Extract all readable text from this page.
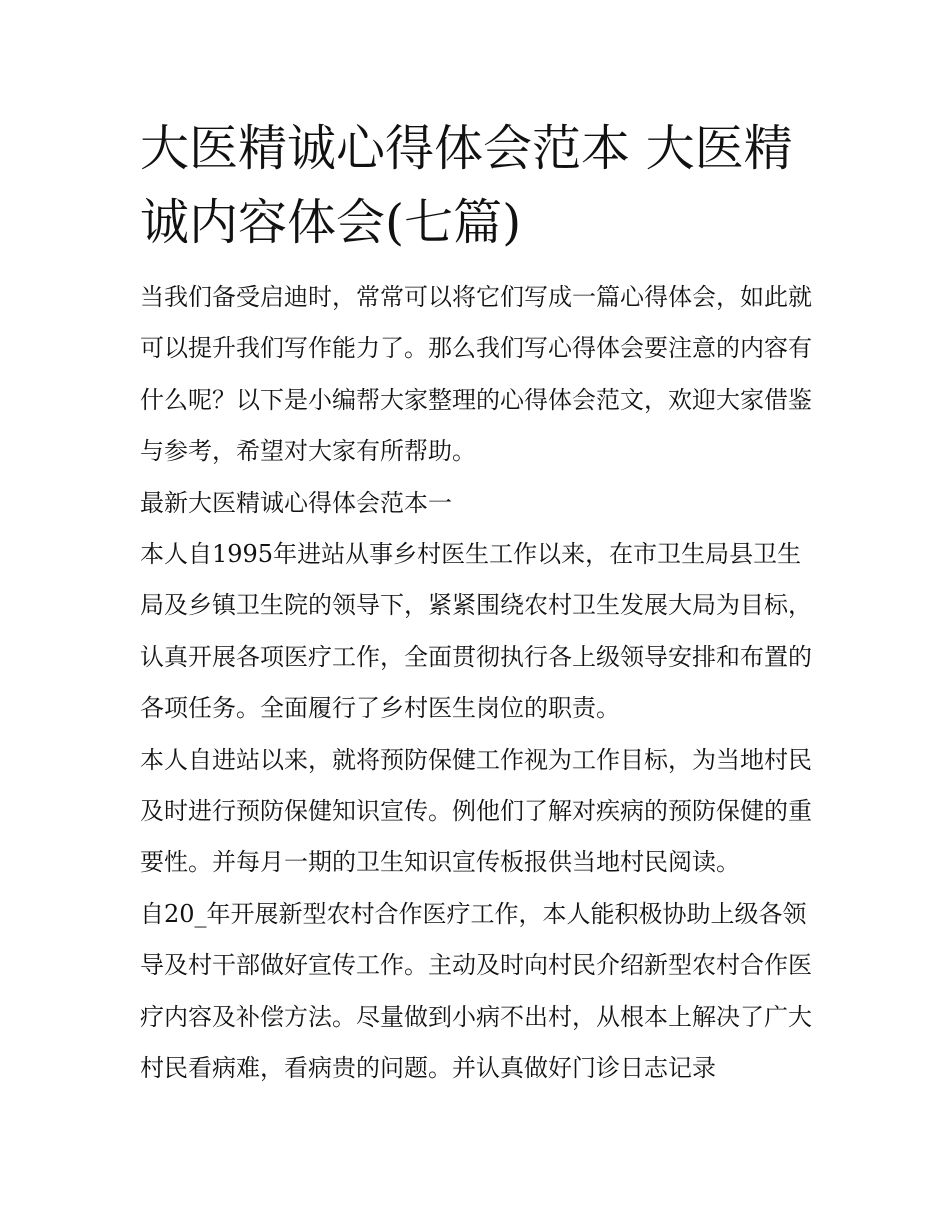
大医精诚心得体会范本 大医精诚内容体会(七篇)

当我们备受启迪时，常常可以将它们写成一篇心得体会，如此就可以提升我们写作能力了。那么我们写心得体会要注意的内容有什么呢？以下是小编帮大家整理的心得体会范文，欢迎大家借鉴与参考，希望对大家有所帮助。

最新大医精诚心得体会范本一

本人自1995年进站从事乡村医生工作以来，在市卫生局县卫生局及乡镇卫生院的领导下，紧紧围绕农村卫生发展大局为目标，认真开展各项医疗工作，全面贯彻执行各上级领导安排和布置的各项任务。全面履行了乡村医生岗位的职责。

本人自进站以来，就将预防保健工作视为工作目标，为当地村民及时进行预防保健知识宣传。例他们了解对疾病的预防保健的重要性。并每月一期的卫生知识宣传板报供当地村民阅读。

自20_年开展新型农村合作医疗工作，本人能积极协助上级各领导及村干部做好宣传工作。主动及时向村民介绍新型农村合作医疗内容及补偿方法。尽量做到小病不出村，从根本上解决了广大村民看病难，看病贵的问题。并认真做好门诊日志记录
